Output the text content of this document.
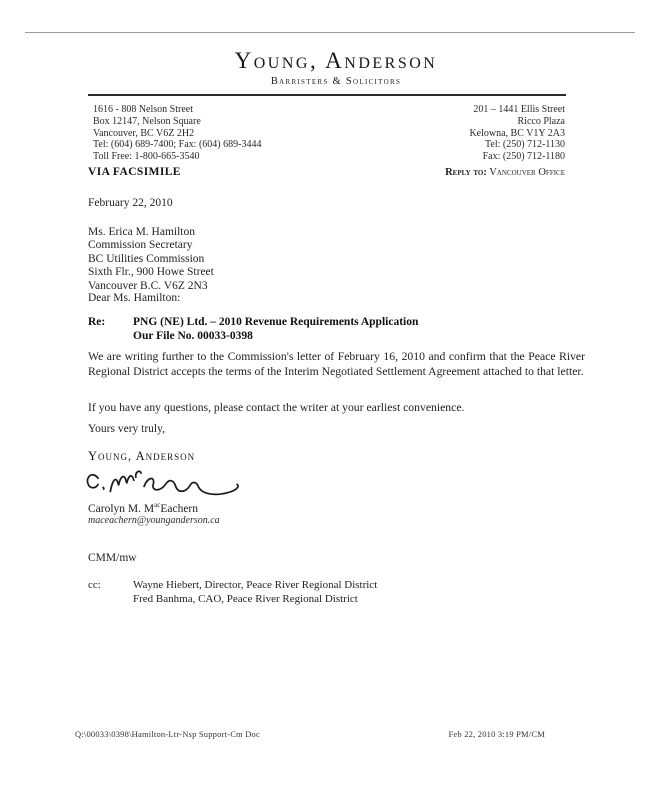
Young, Anderson
Barristers & Solicitors
1616 - 808 Nelson Street
Box 12147, Nelson Square
Vancouver, BC V6Z 2H2
Tel: (604) 689-7400; Fax: (604) 689-3444
Toll Free: 1-800-665-3540
201 – 1441 Ellis Street
Ricco Plaza
Kelowna, BC V1Y 2A3
Tel: (250) 712-1130
Fax: (250) 712-1180
VIA FACSIMILE	Reply to: Vancouver Office
February 22, 2010
Ms. Erica M. Hamilton
Commission Secretary
BC Utilities Commission
Sixth Flr., 900 Howe Street
Vancouver B.C. V6Z 2N3
Dear Ms. Hamilton:
Re:	PNG (NE) Ltd. – 2010 Revenue Requirements Application
Our File No. 00033-0398
We are writing further to the Commission's letter of February 16, 2010 and confirm that the Peace River Regional District accepts the terms of the Interim Negotiated Settlement Agreement attached to that letter.
If you have any questions, please contact the writer at your earliest convenience.
Yours very truly,
Young, Anderson
Carolyn M. $M^{ac}Eachern$
maceachern@younganderson.ca
CMM/mw
cc:	Wayne Hiebert, Director, Peace River Regional District
Fred Banhma, CAO, Peace River Regional District
Q:\00033\0398\Hamilton-Ltr-Nsp Support-Cm Doc	Feb 22, 2010 3:19 PM/CM
